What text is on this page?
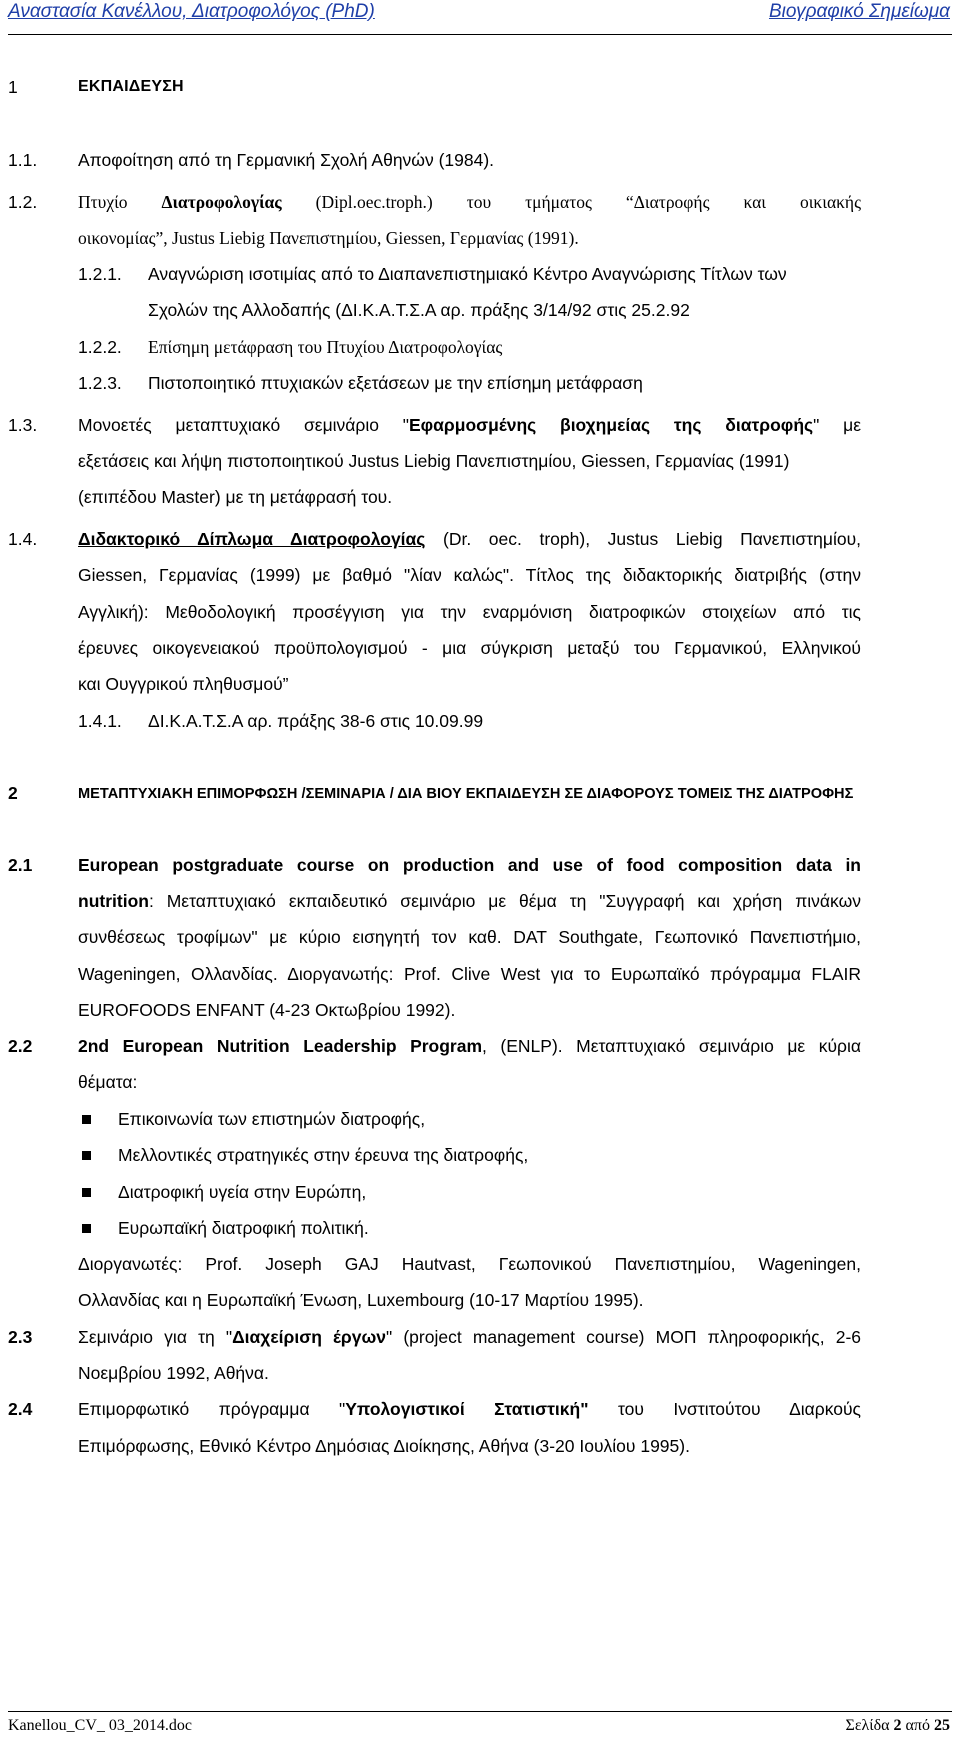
Αναστασία Κανέλλου, Διατροφολόγος (PhD)	Βιογραφικό Σημείωμα
1	ΕΚΠΑΙΔΕΥΣΗ
1.1. Αποφοίτηση από τη Γερμανική Σχολή Αθηνών (1984).
1.2. Πτυχίο Διατροφολογίας (Dipl.oec.troph.) του τμήματος “Διατροφής και οικιακής
οικονομίας”, Justus Liebig Πανεπιστημίου, Giessen, Γερμανίας (1991).
1.2.1. Αναγνώριση ισοτιμίας από το Διαπανεπιστημιακό Κέντρο Αναγνώρισης Τίτλων των
Σχολών της Αλλοδαπής (ΔΙ.Κ.Α.Τ.Σ.Α αρ. πράξης 3/14/92 στις 25.2.92
1.2.2. Επίσημη μετάφραση του Πτυχίου Διατροφολογίας
1.2.3. Πιστοποιητικό πτυχιακών εξετάσεων με την επίσημη μετάφραση
1.3. Μονοετές μεταπτυχιακό σεμινάριο "Εφαρμοσμένης βιοχημείας της διατροφής" με
εξετάσεις και λήψη πιστοποιητικού Justus Liebig Πανεπιστημίου, Giessen, Γερμανίας (1991)
(επιπέδου Master) με τη μετάφρασή του.
1.4. Διδακτορικό Δίπλωμα Διατροφολογίας (Dr. oec. troph), Justus Liebig Πανεπιστημίου,
Giessen, Γερμανίας (1999) με βαθμό "λίαν καλώς". Τίτλος της διδακτορικής διατριβής (στην
Αγγλική): Μεθοδολογική προσέγγιση για την εναρμόνιση διατροφικών στοιχείων από τις
έρευνες οικογενειακού προϋπολογισμού - μια σύγκριση μεταξύ του Γερμανικού, Ελληνικού
και Ουγγρικού πληθυσμού”
1.4.1. ΔΙ.Κ.Α.Τ.Σ.Α αρ. πράξης 38-6 στις 10.09.99
2	ΜΕΤΑΠΤΥΧΙΑΚΗ ΕΠΙΜΟΡΦΩΣΗ /ΣΕΜΙΝΑΡΙΑ / ΔΙΑ ΒΙΟΥ ΕΚΠΑΙΔΕΥΣΗ ΣΕ ΔΙΑΦΟΡΟΥΣ ΤΟΜΕΙΣ ΤΗΣ ΔΙΑΤΡΟΦΗΣ
2.1	European postgraduate course on production and use of food composition data in
nutrition: Μεταπτυχιακό εκπαιδευτικό σεμινάριο με θέμα τη "Συγγραφή και χρήση πινάκων
συνθέσεως τροφίμων" με κύριο εισηγητή τον καθ. DAT Southgate, Γεωπονικό Πανεπιστήμιο,
Wageningen, Ολλανδίας. Διοργανωτής: Prof. Clive West για το Ευρωπαϊκό πρόγραμμα FLAIR
EUROFOODS ENFANT (4-23 Οκτωβρίου 1992).
2.2	2nd European Nutrition Leadership Program, (ENLP). Μεταπτυχιακό σεμινάριο με κύρια
θέματα:
Επικοινωνία των επιστημών διατροφής,
Μελλοντικές στρατηγικές στην έρευνα της διατροφής,
Διατροφική υγεία στην Ευρώπη,
Ευρωπαϊκή διατροφική πολιτική.
Διοργανωτές: Prof. Joseph GAJ Hautvast, Γεωπονικού Πανεπιστημίου, Wageningen,
Ολλανδίας και η Ευρωπαϊκή Ένωση, Luxembourg (10-17 Μαρτίου 1995).
2.3	Σεμινάριο για τη "Διαχείριση έργων" (project management course) ΜΟΠ πληροφορικής, 2-6
Νοεμβρίου 1992, Αθήνα.
2.4	Επιμορφωτικό πρόγραμμα "Υπολογιστικοί Στατιστική" του Ινστιτούτου Διαρκούς
Επιμόρφωσης, Εθνικό Κέντρο Δημόσιας Διοίκησης, Αθήνα (3-20 Ιουλίου 1995).
Kanellou_CV_ 03_2014.doc	Σελίδα 2 από 25
